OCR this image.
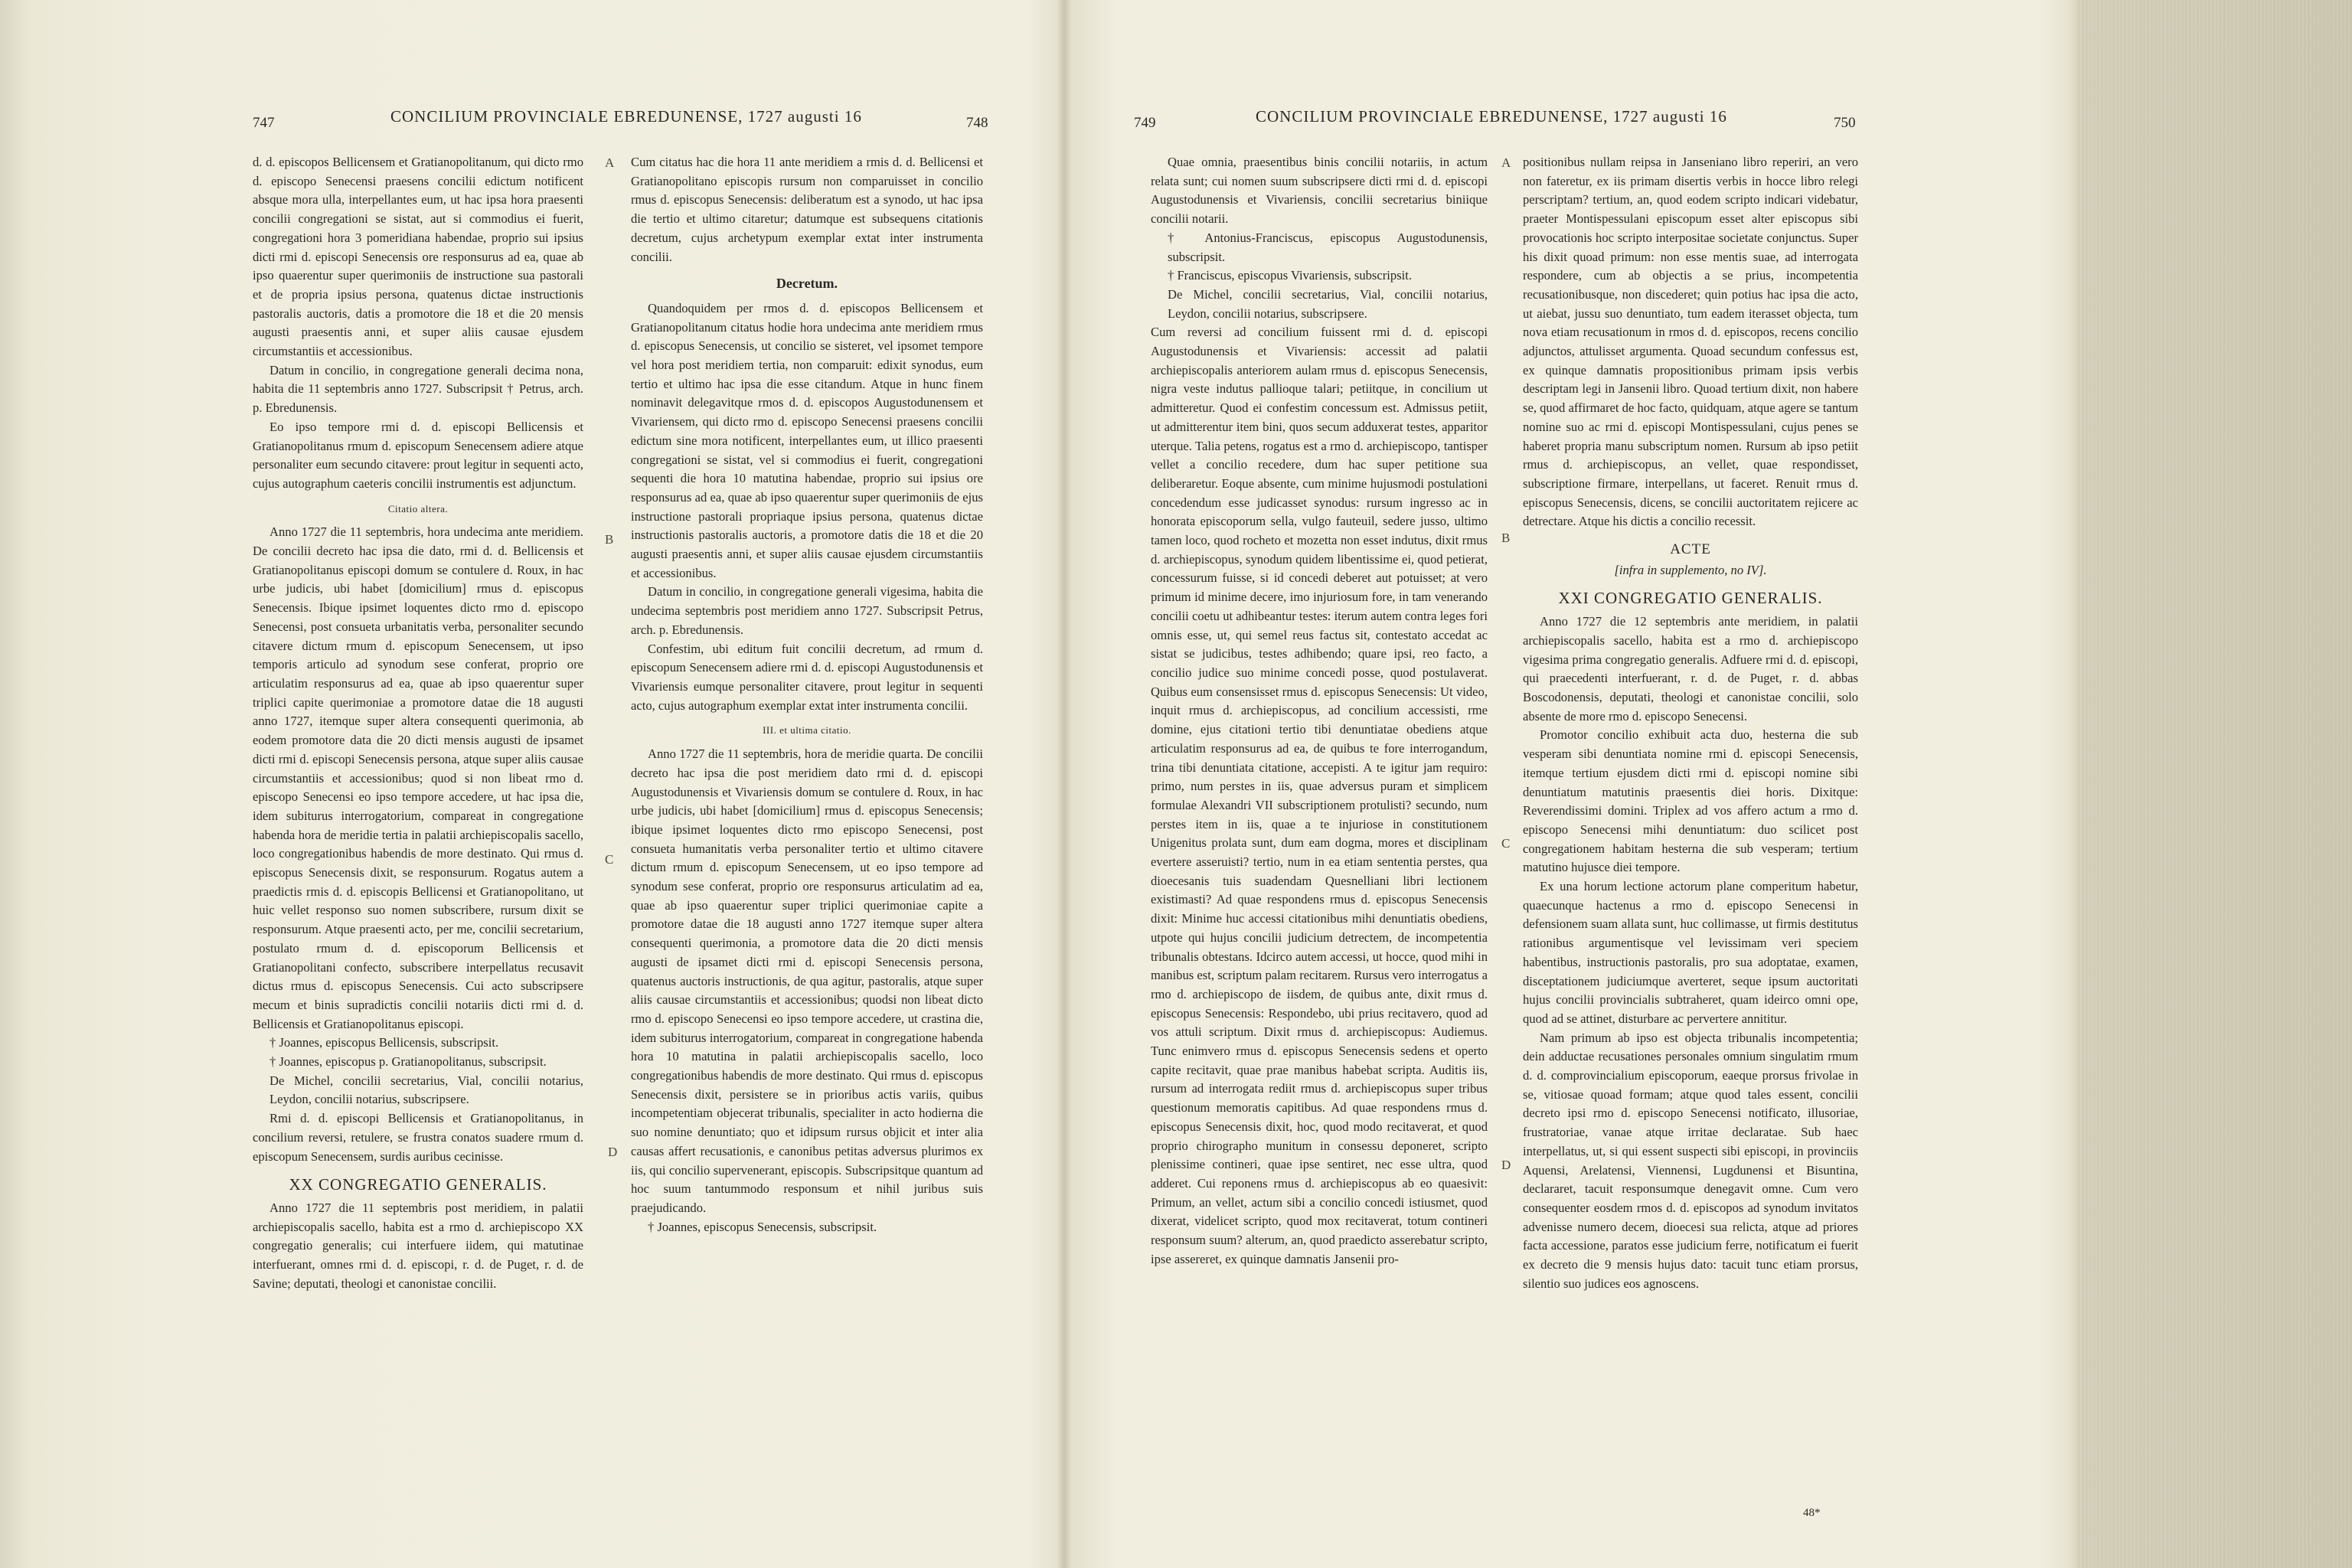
CONCILIUM PROVINCIALE EBREDUNENSE, 1727 augusti 16
747	748

d. d. episcopos Bellicensem et Gratianopolitanum, qui dicto rmo d. episcopo Senecensi praesens concilii edictum notificent absque mora ulla, interpellantes eum, ut hac ipsa hora praesenti concilii congregationi se sistat, aut si commodius ei fuerit, congregationi hora 3 pomeridiana habendae, proprio sui ipsius dicti rmi d. episcopi Senecensis ore responsurus ad ea, quae ab ipso quaerentur super querimoniis de instructione sua pastorali et de propria ipsius persona, quatenus dictae instructionis pastoralis auctoris, datis a promotore die 18 et die 20 mensis augusti praesentis anni, et super aliis causae ejusdem circumstantiis et accessionibus.

Datum in concilio, in congregatione generali decima nona, habita die 11 septembris anno 1727. Subscripsit † Petrus, arch. p. Ebredunensis.

Eo ipso tempore rmi d. d. episcopi Bellicensis et Gratianopolitanus rmum d. episcopum Senecensem adiere atque personaliter eum secundo citavere: prout legitur in sequenti acto, cujus autographum caeteris concilii instrumentis est adjunctum.

Citatio altera.

Anno 1727 die 11 septembris, hora undecima ante meridiem. De concilii decreto hac ipsa die dato, rmi d. d. Bellicensis et Gratianopolitanus episcopi domum se contulere d. Roux, in hac urbe judicis, ubi habet [domicilium] rmus d. episcopus Senecensis. Ibique ipsimet loquentes dicto rmo d. episcopo Senecensi, post consueta urbanitatis verba, personaliter secundo citavere dictum rmum d. episcopum Senecensem, ut ipso temporis articulo ad synodum sese conferat, proprio ore articulatim responsurus ad ea, quae ab ipso quaerentur super triplici capite querimoniae a promotore datae die 18 augusti anno 1727, itemque super altera consequenti querimonia, ab eodem promotore data die 20 dicti mensis augusti de ipsamet dicti rmi d. episcopi Senecensis persona, atque super aliis causae circumstantiis et accessionibus; quod si non libeat rmo d. episcopo Senecensi eo ipso tempore accedere, ut hac ipsa die, idem subiturus interrogatorium, compareat in congregatione habenda hora de meridie tertia in palatii archiepiscopalis sacello, loco congregationibus habendis de more destinato. Qui rmus d. episcopus Senecensis dixit, se responsurum. Rogatus autem a praedictis rmis d. d. episcopis Bellicensi et Gratianopolitano, ut huic vellet responso suo nomen subscribere, rursum dixit se responsurum. Atque praesenti acto, per me, concilii secretarium, postulato rmum d. d. episcoporum Bellicensis et Gratianopolitani confecto, subscribere interpellatus recusavit dictus rmus d. episcopus Senecensis. Cui acto subscripsere mecum et binis supradictis concilii notariis dicti rmi d. d. Bellicensis et Gratianopolitanus episcopi.

† Joannes, episcopus Bellicensis, subscripsit.

† Joannes, episcopus p. Gratianopolitanus, subscripsit.

De Michel, concilii secretarius, Vial, concilii notarius, Leydon, concilii notarius, subscripsere.

Rmi d. d. episcopi Bellicensis et Gratianopolitanus, in concilium reversi, retulere, se frustra conatos suadere rmum d. episcopum Senecensem, surdis auribus cecinisse.

XX CONGREGATIO GENERALIS.

Anno 1727 die 11 septembris post meridiem, in palatii archiepiscopalis sacello, habita est a rmo d. archiepiscopo XX congregatio generalis; cui interfuere iidem, qui matutinae interfuerant, omnes rmi d. d. episcopi, r. d. de Puget, r. d. de Savine; deputati, theologi et canonistae concilii.

Cum citatus hac die hora 11 ante meridiem a rmis d. d. Bellicensi et Gratianopolitano episcopis rursum non comparuisset in concilio rmus d. episcopus Senecensis: deliberatum est a synodo, ut hac ipsa die tertio et ultimo citaretur; datumque est subsequens citationis decretum, cujus archetypum exemplar extat inter instrumenta concilii.

Decretum.

Quandoquidem per rmos d. d. episcopos Bellicensem et Gratianopolitanum citatus hodie hora undecima ante meridiem rmus d. episcopus Senecensis, ut concilio se sisteret, vel ipsomet tempore vel hora post meridiem tertia, non comparuit: edixit synodus, eum tertio et ultimo hac ipsa die esse citandum. Atque in hunc finem nominavit delegavitque rmos d. d. episcopos Augustodunensem et Vivariensem, qui dicto rmo d. episcopo Senecensi praesens concilii edictum sine mora notificent, interpellantes eum, ut illico praesenti congregationi se sistat, vel si commodius ei fuerit, congregationi sequenti die hora 10 matutina habendae, proprio sui ipsius ore responsurus ad ea, quae ab ipso quaerentur super querimoniis de ejus instructione pastorali propriaque ipsius persona, quatenus dictae instructionis pastoralis auctoris, a promotore datis die 18 et die 20 augusti praesentis anni, et super aliis causae ejusdem circumstantiis et accessionibus.

Datum in concilio, in congregatione generali vigesima, habita die undecima septembris post meridiem anno 1727. Subscripsit Petrus, arch. p. Ebredunensis.

Confestim, ubi editum fuit concilii decretum, ad rmum d. episcopum Senecensem adiere rmi d. d. episcopi Augustodunensis et Vivariensis eumque personaliter citavere, prout legitur in sequenti acto, cujus autographum exemplar extat inter instrumenta concilii.

III. et ultima citatio.

Anno 1727 die 11 septembris, hora de meridie quarta. De concilii decreto hac ipsa die post meridiem dato rmi d. d. episcopi Augustodunensis et Vivariensis domum se contulere d. Roux, in hac urbe judicis, ubi habet [domicilium] rmus d. episcopus Senecensis; ibique ipsimet loquentes dicto rmo episcopo Senecensi, post consueta humanitatis verba personaliter tertio et ultimo citavere dictum rmum d. episcopum Senecensem, ut eo ipso tempore ad synodum sese conferat, proprio ore responsurus articulatim ad ea, quae ab ipso quaerentur super triplici querimoniae capite a promotore datae die 18 augusti anno 1727 itemque super altera consequenti querimonia, a promotore data die 20 dicti mensis augusti de ipsamet dicti rmi d. episcopi Senecensis persona, quatenus auctoris instructionis, de qua agitur, pastoralis, atque super aliis causae circumstantiis et accessionibus; quodsi non libeat dicto rmo d. episcopo Senecensi eo ipso tempore accedere, ut crastina die, idem subiturus interrogatorium, compareat in congregatione habenda hora 10 matutina in palatii archiepiscopalis sacello, loco congregationibus habendis de more destinato. Qui rmus d. episcopus Senecensis dixit, persistere se in prioribus actis variis, quibus incompetentiam objecerat tribunalis, specialiter in acto hodierna die suo nomine denuntiato; quo et idipsum rursus objicit et inter alia causas affert recusationis, e canonibus petitas adversus plurimos ex iis, qui concilio supervenerant, episcopis. Subscripsitque quantum ad hoc suum tantummodo responsum et nihil juribus suis praejudicando.

† Joannes, episcopus Senecensis, subscripsit.

A
B
C
D
CONCILIUM PROVINCIALE EBREDUNENSE, 1727 augusti 16
749	750

Quae omnia, praesentibus binis concilii notariis, in actum relata sunt; cui nomen suum subscripsere dicti rmi d. d. episcopi Augustodunensis et Vivariensis, concilii secretarius biniique concilii notarii.

† Antonius-Franciscus, episcopus Augustodunensis, subscripsit.

† Franciscus, episcopus Vivariensis, subscripsit.

De Michel, concilii secretarius, Vial, concilii notarius, Leydon, concilii notarius, subscripsere.

Cum reversi ad concilium fuissent rmi d. d. episcopi Augustodunensis et Vivariensis: accessit ad palatii archiepiscopalis anteriorem aulam rmus d. episcopus Senecensis, nigra veste indutus pallioque talari; petiitque, in concilium ut admitteretur. Quod ei confestim concessum est. Admissus petiit, ut admitterentur item bini, quos secum adduxerat testes, apparitor uterque. Talia petens, rogatus est a rmo d. archiepiscopo, tantisper vellet a concilio recedere, dum hac super petitione sua deliberaretur. Eoque absente, cum minime hujusmodi postulationi concedendum esse judicasset synodus: rursum ingresso ac in honorata episcoporum sella, vulgo fauteuil, sedere jusso, ultimo tamen loco, quod rocheto et mozetta non esset indutus, dixit rmus d. archiepiscopus, synodum quidem libentissime ei, quod petierat, concessurum fuisse, si id concedi deberet aut potuisset; at vero primum id minime decere, imo injuriosum fore, in tam venerando concilii coetu ut adhibeantur testes: iterum autem contra leges fori omnis esse, ut, qui semel reus factus sit, contestato accedat ac sistat se judicibus, testes adhibendo; quare ipsi, reo facto, a concilio judice suo minime concedi posse, quod postulaverat. Quibus eum consensisset rmus d. episcopus Senecensis: Ut video, inquit rmus d. archiepiscopus, ad concilium accessisti, rme domine, ejus citationi tertio tibi denuntiatae obediens atque articulatim responsurus ad ea, de quibus te fore interrogandum, trina tibi denuntiata citatione, accepisti. A te igitur jam requiro: primo, num perstes in iis, quae adversus puram et simplicem formulae Alexandri VII subscriptionem protulisti? secundo, num perstes item in iis, quae a te injuriose in constitutionem Unigenitus prolata sunt, dum eam dogma, mores et disciplinam evertere asseruisti? tertio, num in ea etiam sententia perstes, qua dioecesanis tuis suadendam Quesnelliani libri lectionem existimasti? Ad quae respondens rmus d. episcopus Senecensis dixit: Minime huc accessi citationibus mihi denuntiatis obediens, utpote qui hujus concilii judicium detrectem, de incompetentia tribunalis obtestans. Idcirco autem accessi, ut hocce, quod mihi in manibus est, scriptum palam recitarem. Rursus vero interrogatus a rmo d. archiepiscopo de iisdem, de quibus ante, dixit rmus d. episcopus Senecensis: Respondebo, ubi prius recitavero, quod ad vos attuli scriptum. Dixit rmus d. archiepiscopus: Audiemus. Tunc enimvero rmus d. episcopus Senecensis sedens et operto capite recitavit, quae prae manibus habebat scripta. Auditis iis, rursum ad interrogata rediit rmus d. archiepiscopus super tribus questionum memoratis capitibus. Ad quae respondens rmus d. episcopus Senecensis dixit, hoc, quod modo recitaverat, et quod proprio chirographo munitum in consessu deponeret, scripto plenissime contineri, quae ipse sentiret, nec esse ultra, quod adderet. Cui reponens rmus d. archiepiscopus ab eo quaesivit: Primum, an vellet, actum sibi a concilio concedi istiusmet, quod dixerat, videlicet scripto, quod mox recitaverat, totum contineri responsum suum? alterum, an, quod praedicto asserebatur scripto, ipse assereret, ex quinque damnatis Jansenii pro-

positionibus nullam reipsa in Janseniano libro reperiri, an vero non fateretur, ex iis primam disertis verbis in hocce libro relegi perscriptam? tertium, an, quod eodem scripto indicari videbatur, praeter Montispessulani episcopum esset alter episcopus sibi provocationis hoc scripto interpositae societate conjunctus. Super his dixit quoad primum: non esse mentis suae, ad interrogata respondere, cum ab objectis a se prius, incompetentia recusationibusque, non discederet; quin potius hac ipsa die acto, ut aiebat, jussu suo denuntiato, tum eadem iterasset objecta, tum nova etiam recusationum in rmos d. d. episcopos, recens concilio adjunctos, attulisset argumenta. Quoad secundum confessus est, ex quinque damnatis propositionibus primam ipsis verbis descriptam legi in Jansenii libro. Quoad tertium dixit, non habere se, quod affirmaret de hoc facto, quidquam, atque agere se tantum nomine suo ac rmi d. episcopi Montispessulani, cujus penes se haberet propria manu subscriptum nomen. Rursum ab ipso petiit rmus d. archiepiscopus, an vellet, quae respondisset, subscriptione firmare, interpellans, ut faceret. Renuit rmus d. episcopus Senecensis, dicens, se concilii auctoritatem rejicere ac detrectare. Atque his dictis a concilio recessit.

ACTE

[infra in supplemento, no IV].

XXI CONGREGATIO GENERALIS.

Anno 1727 die 12 septembris ante meridiem, in palatii archiepiscopalis sacello, habita est a rmo d. archiepiscopo vigesima prima congregatio generalis. Adfuere rmi d. d. episcopi, qui praecedenti interfuerant, r. d. de Puget, r. d. abbas Boscodonensis, deputati, theologi et canonistae concilii, solo absente de more rmo d. episcopo Senecensi.

Promotor concilio exhibuit acta duo, hesterna die sub vesperam sibi denuntiata nomine rmi d. episcopi Senecensis, itemque tertium ejusdem dicti rmi d. episcopi nomine sibi denuntiatum matutinis praesentis diei horis. Dixitque: Reverendissimi domini. Triplex ad vos affero actum a rmo d. episcopo Senecensi mihi denuntiatum: duo scilicet post congregationem habitam hesterna die sub vesperam; tertium matutino hujusce diei tempore.

Ex una horum lectione actorum plane comperitum habetur, quaecunque hactenus a rmo d. episcopo Senecensi in defensionem suam allata sunt, huc collimasse, ut firmis destitutus rationibus argumentisque vel levissimam veri speciem habentibus, instructionis pastoralis, pro sua adoptatae, examen, disceptationem judiciumque averteret, seque ipsum auctoritati hujus concilii provincialis subtraheret, quam ideirco omni ope, quod ad se attinet, disturbare ac pervertere annititur.

Nam primum ab ipso est objecta tribunalis incompetentia; dein adductae recusationes personales omnium singulatim rmum d. d. comprovincialium episcoporum, eaeque prorsus frivolae in se, vitiosae quoad formam; atque quod tales essent, concilii decreto ipsi rmo d. episcopo Senecensi notificato, illusoriae, frustratoriae, vanae atque irritae declaratae. Sub haec interpellatus, ut, si qui essent suspecti sibi episcopi, in provinciis Aquensi, Arelatensi, Viennensi, Lugdunensi et Bisuntina, declararet, tacuit responsumque denegavit omne. Cum vero consequenter eosdem rmos d. d. episcopos ad synodum invitatos advenisse numero decem, dioecesi sua relicta, atque ad priores facta accessione, paratos esse judicium ferre, notificatum ei fuerit ex decreto die 9 mensis hujus dato: tacuit tunc etiam prorsus, silentio suo judices eos agnoscens.

A
B
C
D
48*
